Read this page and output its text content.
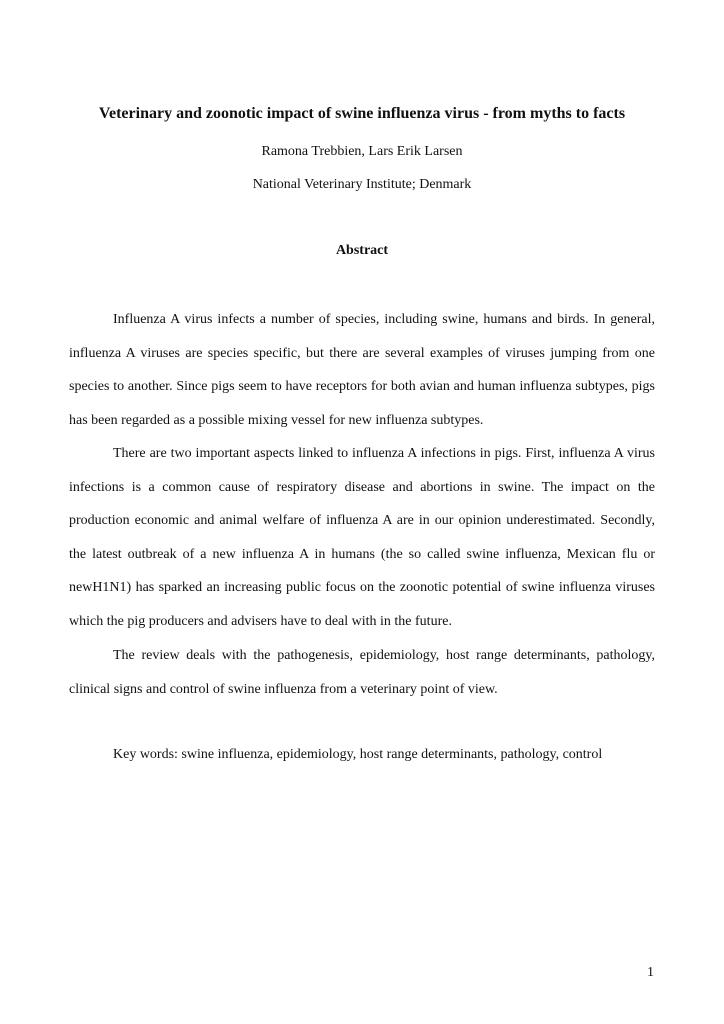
Veterinary and zoonotic impact of swine influenza virus - from myths to facts

Ramona Trebbien, Lars Erik Larsen

National Veterinary Institute; Denmark

Abstract

Influenza A virus infects a number of species, including swine, humans and birds. In general, influenza A viruses are species specific, but there are several examples of viruses jumping from one species to another. Since pigs seem to have receptors for both avian and human influenza subtypes, pigs has been regarded as a possible mixing vessel for new influenza subtypes.

There are two important aspects linked to influenza A infections in pigs. First, influenza A virus infections is a common cause of respiratory disease and abortions in swine. The impact on the production economic and animal welfare of influenza A are in our opinion underestimated. Secondly, the latest outbreak of a new influenza A in humans (the so called swine influenza, Mexican flu or newH1N1) has sparked an increasing public focus on the zoonotic potential of swine influenza viruses which the pig producers and advisers have to deal with in the future.

The review deals with the pathogenesis, epidemiology, host range determinants, pathology, clinical signs and control of swine influenza from a veterinary point of view.

Key words: swine influenza, epidemiology, host range determinants, pathology, control

1
